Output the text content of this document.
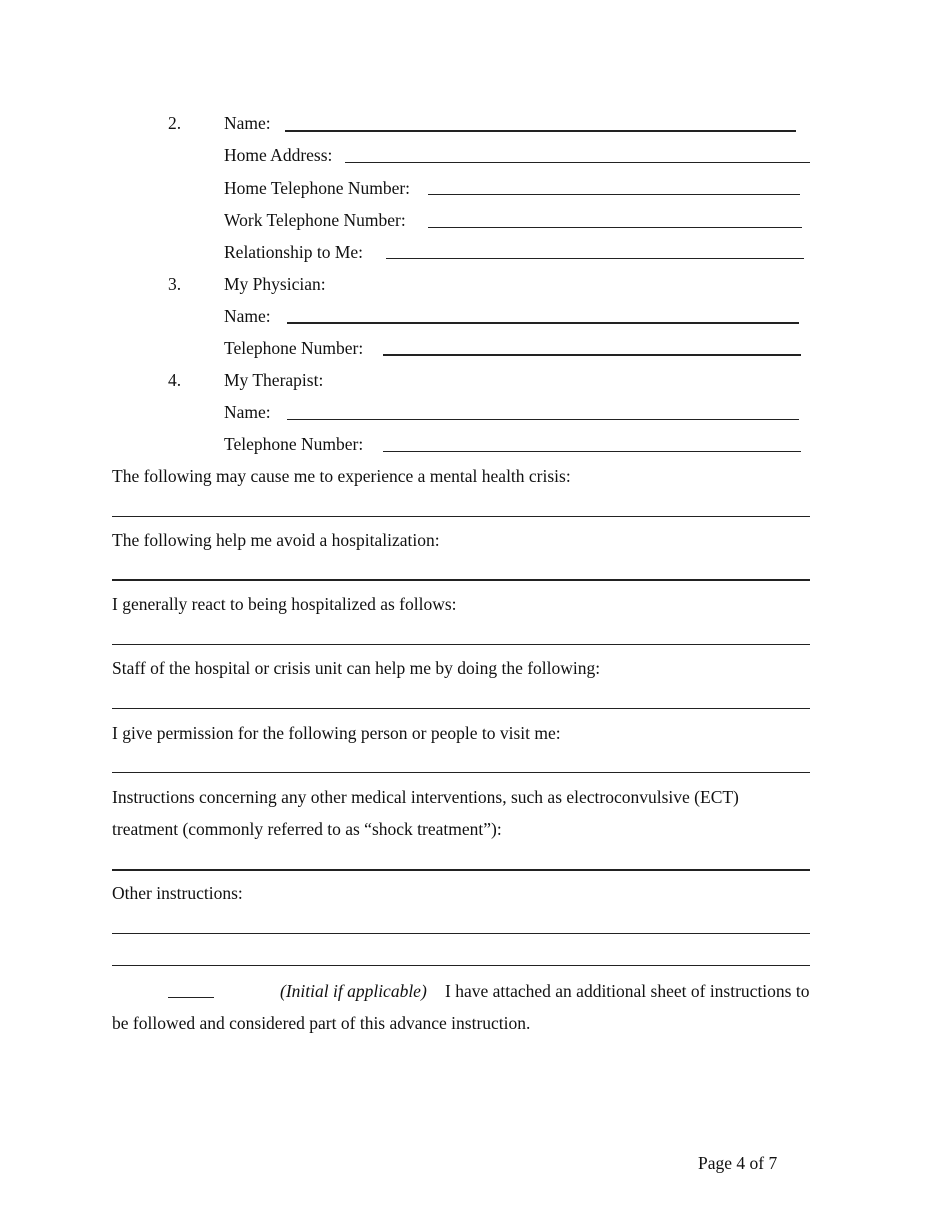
2. Name:
Home Address:
Home Telephone Number:
Work Telephone Number:
Relationship to Me:
3. My Physician:
Name:
Telephone Number:
4. My Therapist:
Name:
Telephone Number:
The following may cause me to experience a mental health crisis:
The following help me avoid a hospitalization:
I generally react to being hospitalized as follows:
Staff of the hospital or crisis unit can help me by doing the following:
I give permission for the following person or people to visit me:
Instructions concerning any other medical interventions, such as electroconvulsive (ECT)
treatment (commonly referred to as “shock treatment”):
Other instructions:
(Initial if applicable) I have attached an additional sheet of instructions to
be followed and considered part of this advance instruction.
Page 4 of 7
